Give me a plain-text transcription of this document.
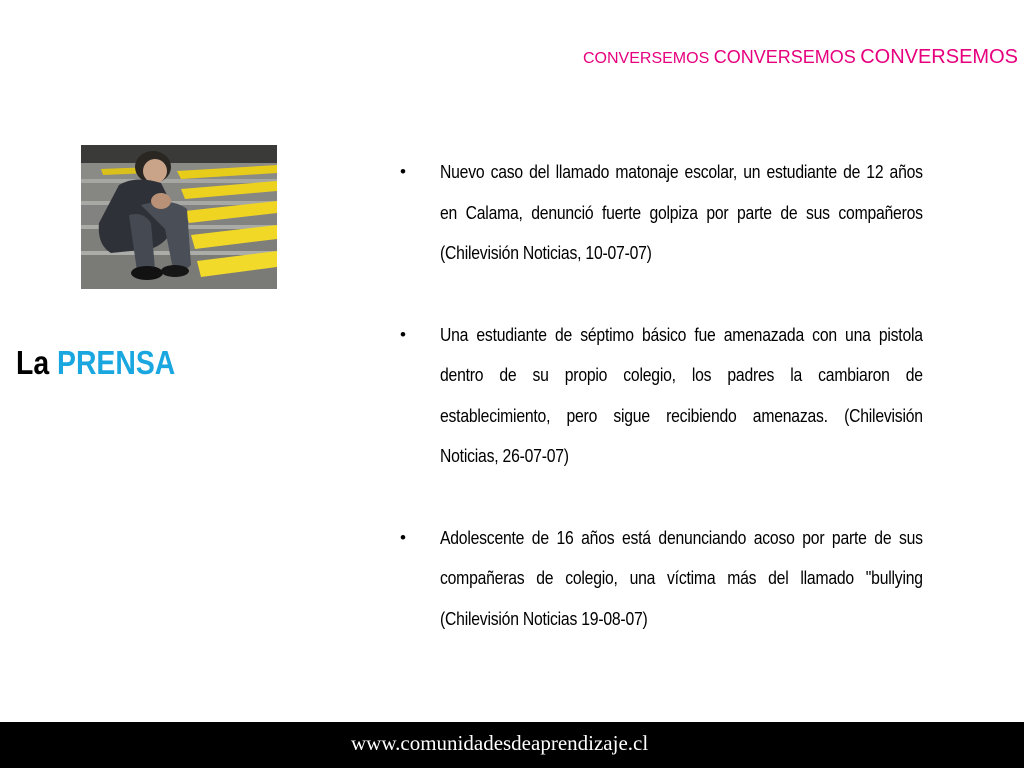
CONVERSEMOS CONVERSEMOS CONVERSEMOS
La PRENSA
• Nuevo caso del llamado matonaje escolar, un estudiante de 12 años en Calama, denunció fuerte golpiza por parte de sus compañeros (Chilevisión Noticias, 10-07-07)
• Una estudiante de séptimo básico fue amenazada con una pistola dentro de su propio colegio, los padres la cambiaron de establecimiento, pero sigue recibiendo amenazas. (Chilevisión Noticias, 26-07-07)
• Adolescente de 16 años está denunciando acoso por parte de sus compañeras de colegio, una víctima más del llamado "bullying (Chilevisión Noticias 19-08-07)
www.comunidadesdeaprendizaje.cl
